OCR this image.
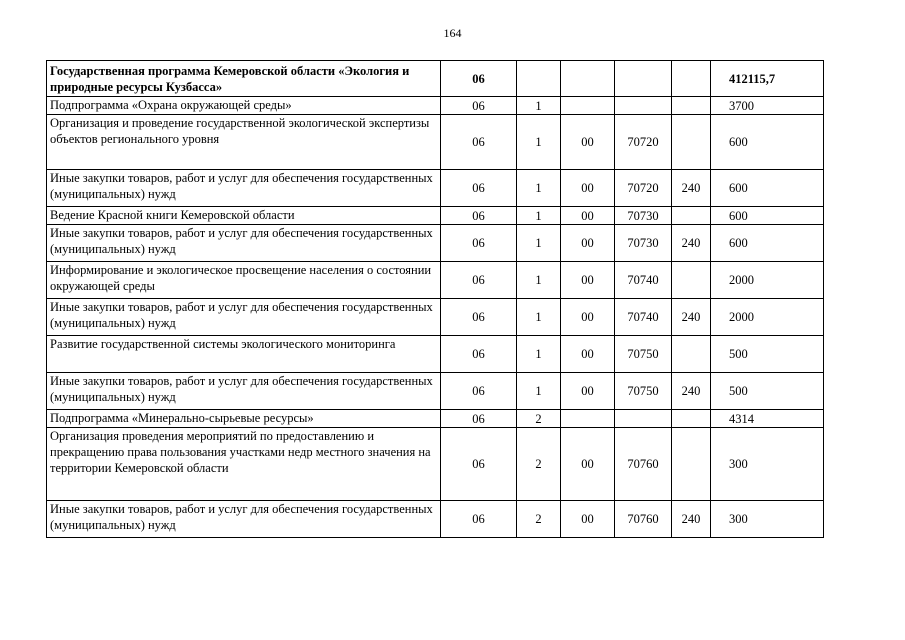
164
Государственная программа Кемеровской области «Экология и природные ресурсы Кузбасса»	06					412115,7
Подпрограмма «Охрана окружающей среды»	06	1				3700
Организация и проведение государственной экологической экспертизы объектов регионального уровня	06	1	00	70720		600
Иные закупки товаров, работ и услуг для обеспечения государственных (муниципальных) нужд	06	1	00	70720	240	600
Ведение Красной книги Кемеровской области	06	1	00	70730		600
Иные закупки товаров, работ и услуг для обеспечения государственных (муниципальных) нужд	06	1	00	70730	240	600
Информирование и экологическое просвещение населения о состоянии окружающей среды	06	1	00	70740		2000
Иные закупки товаров, работ и услуг для обеспечения государственных (муниципальных) нужд	06	1	00	70740	240	2000
Развитие государственной системы экологического мониторинга	06	1	00	70750		500
Иные закупки товаров, работ и услуг для обеспечения государственных (муниципальных) нужд	06	1	00	70750	240	500
Подпрограмма «Минерально-сырьевые ресурсы»	06	2				4314
Организация проведения мероприятий по предоставлению и прекращению права пользования участками недр местного значения на территории Кемеровской области	06	2	00	70760		300
Иные закупки товаров, работ и услуг для обеспечения государственных (муниципальных) нужд	06	2	00	70760	240	300
